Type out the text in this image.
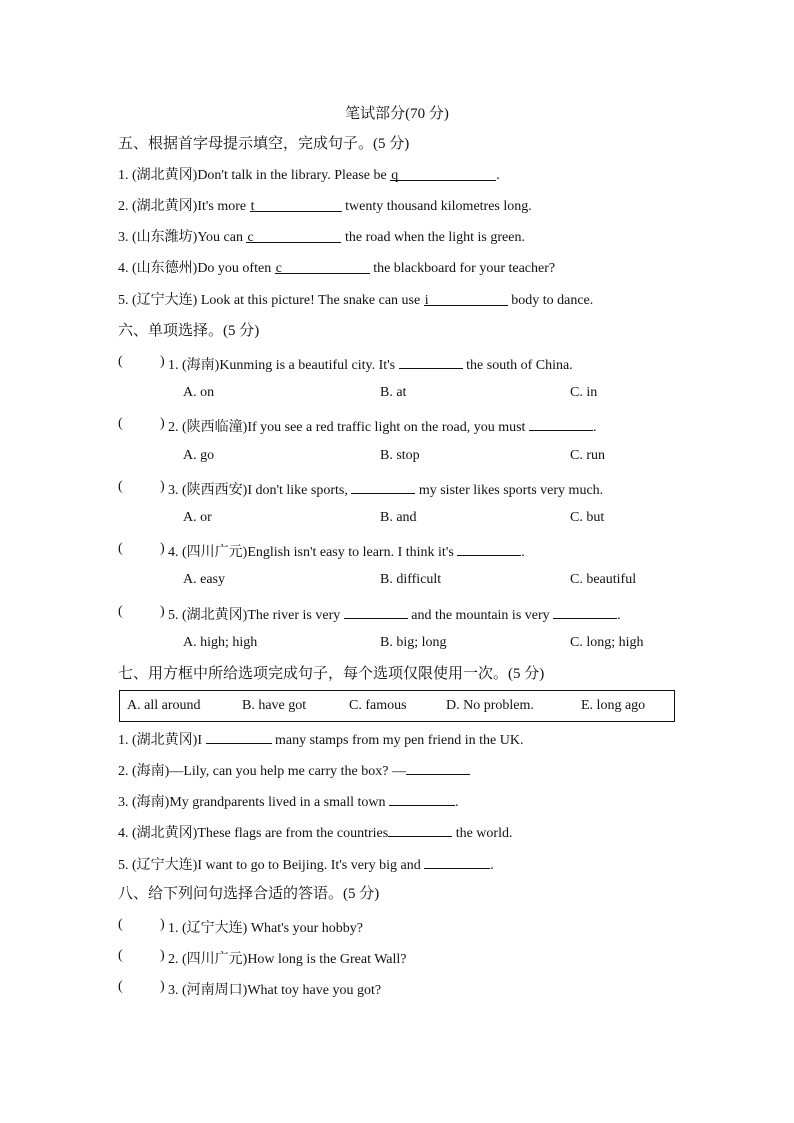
笔试部分(70 分)
五、根据首字母提示填空，完成句子。(5 分)
1. (湖北黄冈)Don't talk in the library. Please be q	.
2. (湖北黄冈)It's more t	twenty thousand kilometres long.
3. (山东潍坊)You can c	the road when the light is green.
4. (山东德州)Do you often c	the blackboard for your teacher?
5. (辽宁大连) Look at this picture! The snake can use i	body to dance.
六、单项选择。(5 分)
(	) 1. (海南)Kunming is a beautiful city. It's	the south of China.
A. on	B. at	C. in
(	) 2. (陕西临潼)If you see a red traffic light on the road, you must	.
A. go	B. stop	C. run
(	) 3. (陕西西安)I don't like sports,	my sister likes sports very much.
A. or	B. and	C. but
(	) 4. (四川广元)English isn't easy to learn. I think it's	.
A. easy	B. difficult	C. beautiful
(	) 5. (湖北黄冈)The river is very	and the mountain is very	.
A. high; high	B. big; long	C. long; high
七、用方框中所给选项完成句子，每个选项仅限使用一次。(5 分)
A. all around	B. have got	C. famous	D. No problem.	E. long ago
1. (湖北黄冈)I	many stamps from my pen friend in the UK.
2. (海南)—Lily, can you help me carry the box? —
3. (海南)My grandparents lived in a small town	.
4. (湖北黄冈)These flags are from the countries	the world.
5. (辽宁大连)I want to go to Beijing. It's very big and	.
八、给下列问句选择合适的答语。(5 分)
(	) 1. (辽宁大连) What's your hobby?
(	) 2. (四川广元)How long is the Great Wall?
(	) 3. (河南周口)What toy have you got?
